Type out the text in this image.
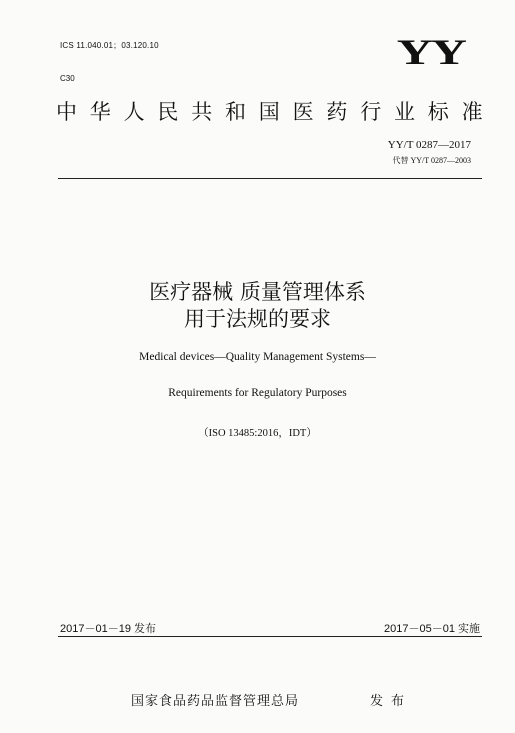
ICS 11.040.01；03.120.10
C30
YY
中华人民共和国医药行业标准
YY/T 0287—2017
代替 YY/T 0287—2003
医疗器械 质量管理体系
用于法规的要求
Medical devices—Quality Management Systems—
Requirements for Regulatory Purposes
（ISO 13485:2016，IDT）
2017－01－19 发布	2017－05－01 实施
国家食品药品监督管理总局	发布
